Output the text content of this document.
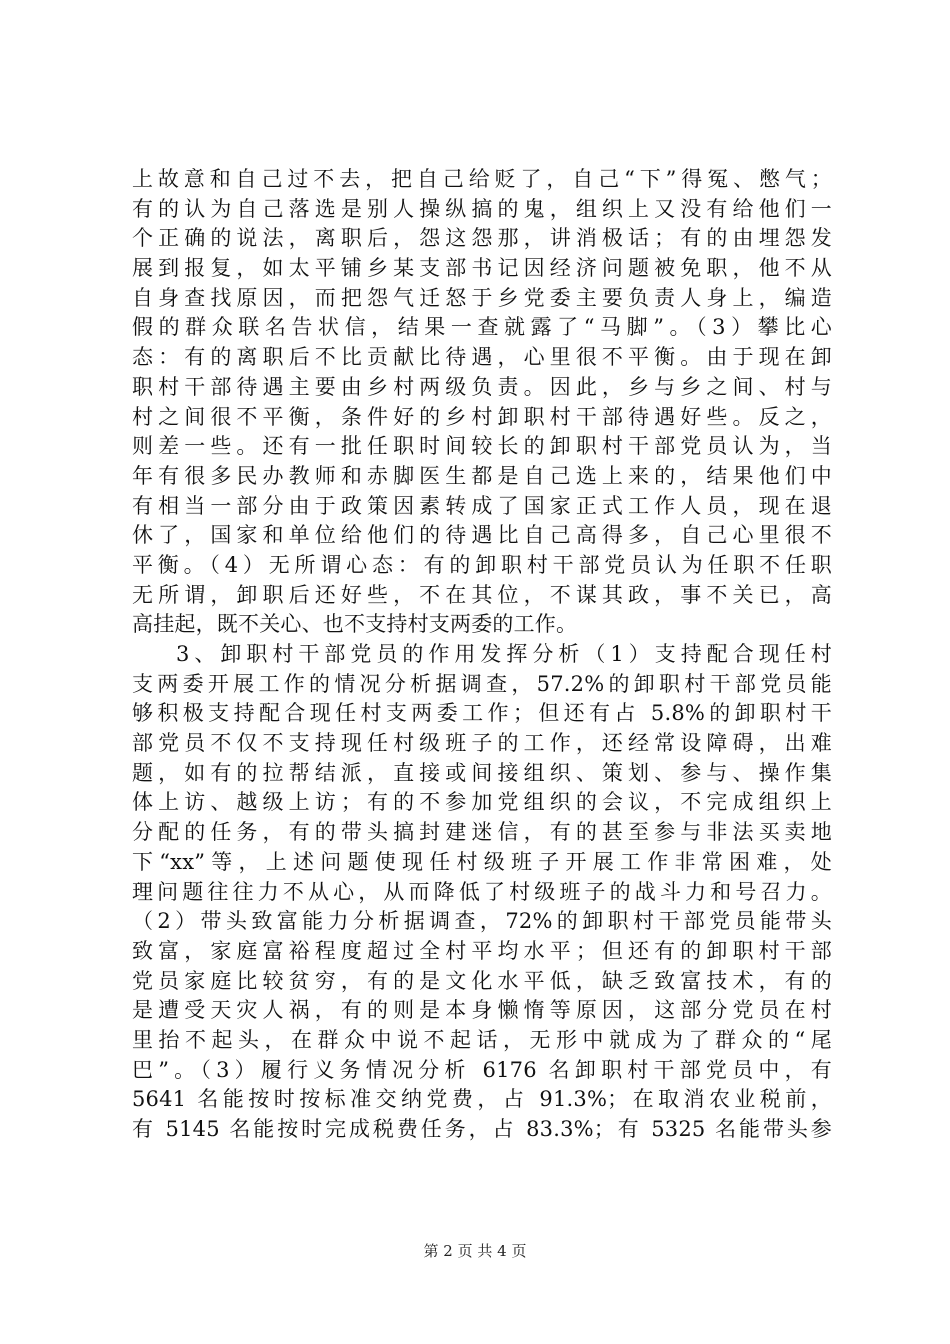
上故意和自己过不去，把自己给贬了，自己“下”得冤、憋气；
有的认为自己落选是别人操纵搞的鬼，组织上又没有给他们一
个正确的说法，离职后，怨这怨那，讲消极话；有的由埋怨发
展到报复，如太平铺乡某支部书记因经济问题被免职，他不从
自身查找原因，而把怨气迁怒于乡党委主要负责人身上，编造
假的群众联名告状信，结果一查就露了“马脚”。（3）攀比心
态：有的离职后不比贡献比待遇，心里很不平衡。由于现在卸
职村干部待遇主要由乡村两级负责。因此，乡与乡之间、村与
村之间很不平衡，条件好的乡村卸职村干部待遇好些。反之，
则差一些。还有一批任职时间较长的卸职村干部党员认为，当
年有很多民办教师和赤脚医生都是自己选上来的，结果他们中
有相当一部分由于政策因素转成了国家正式工作人员，现在退
休了，国家和单位给他们的待遇比自己高得多，自己心里很不
平衡。（4）无所谓心态：有的卸职村干部党员认为任职不任职
无所谓，卸职后还好些，不在其位，不谋其政，事不关已，高
高挂起，既不关心、也不支持村支两委的工作。
3、卸职村干部党员的作用发挥分析（1）支持配合现任村
支两委开展工作的情况分析据调查，57.2%的卸职村干部党员能
够积极支持配合现任村支两委工作；但还有占 5.8%的卸职村干
部党员不仅不支持现任村级班子的工作，还经常设障碍，出难
题，如有的拉帮结派，直接或间接组织、策划、参与、操作集
体上访、越级上访；有的不参加党组织的会议，不完成组织上
分配的任务，有的带头搞封建迷信，有的甚至参与非法买卖地
下“xx”等，上述问题使现任村级班子开展工作非常困难，处
理问题往往力不从心，从而降低了村级班子的战斗力和号召力。
（2）带头致富能力分析据调查，72%的卸职村干部党员能带头
致富，家庭富裕程度超过全村平均水平；但还有的卸职村干部
党员家庭比较贫穷，有的是文化水平低，缺乏致富技术，有的
是遭受天灾人祸，有的则是本身懒惰等原因，这部分党员在村
里抬不起头，在群众中说不起话，无形中就成为了群众的“尾
巴”。（3）履行义务情况分析 6176 名卸职村干部党员中，有
5641 名能按时按标准交纳党费，占 91.3%；在取消农业税前，
有 5145 名能按时完成税费任务，占 83.3%；有 5325 名能带头参
第 2 页 共 4 页
